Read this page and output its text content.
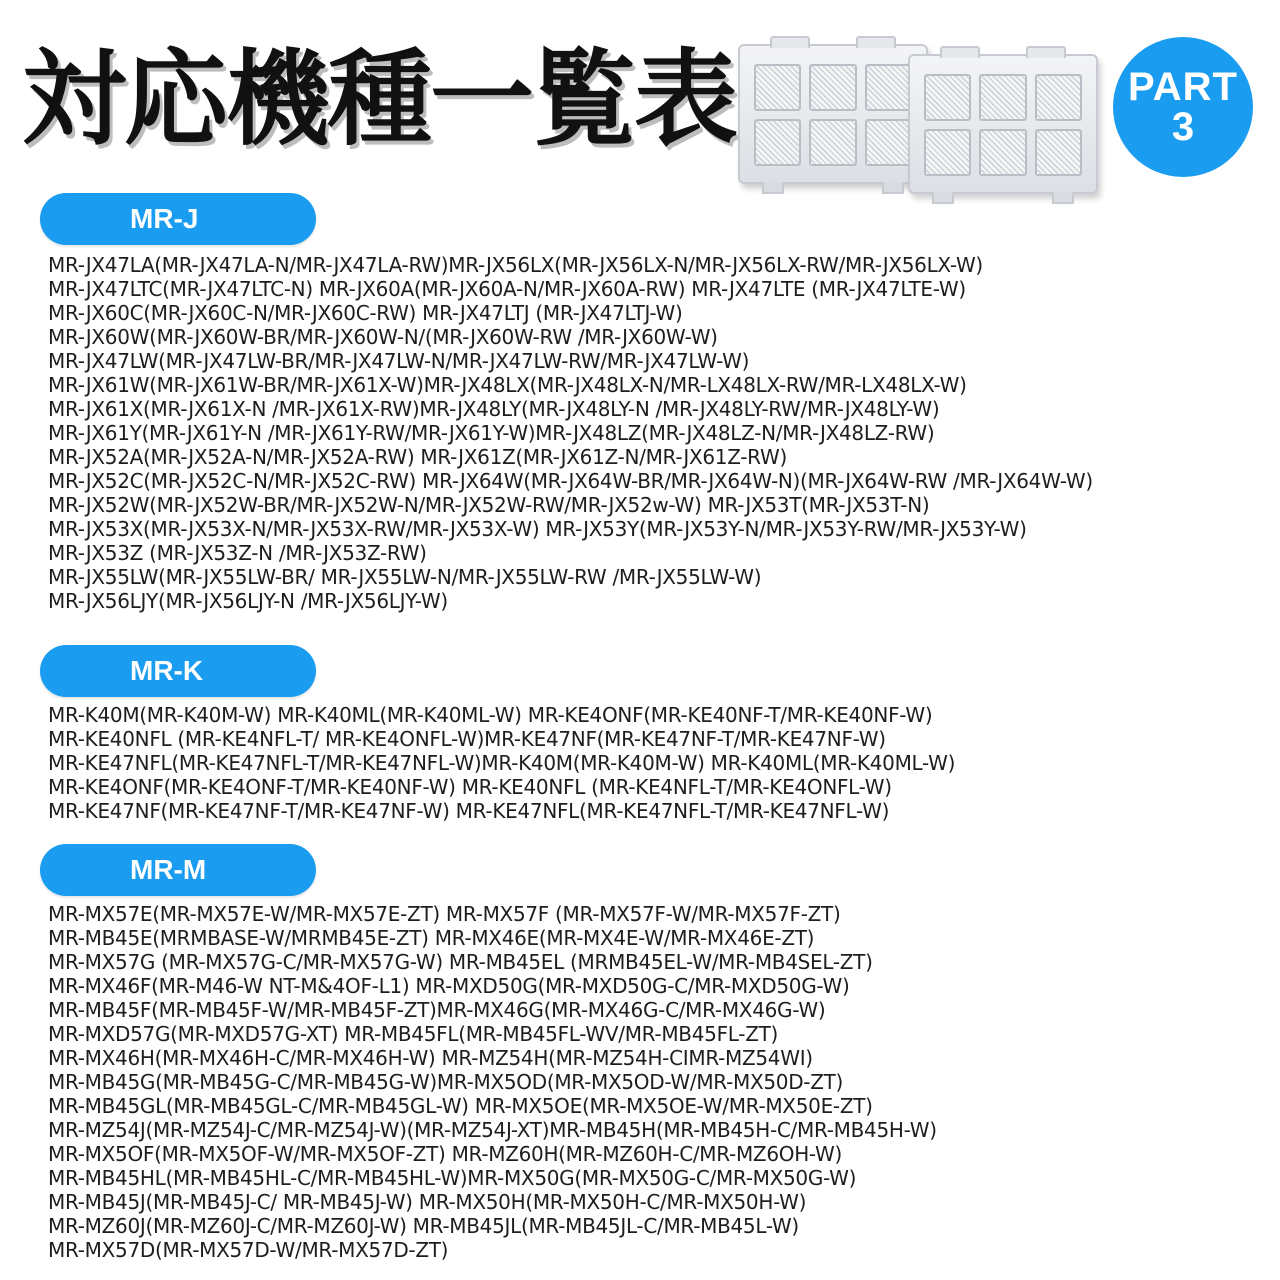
対応機種一覧表	PART
3
MR-J
MR-JX47LA(MR-JX47LA-N/MR-JX47LA-RW)MR-JX56LX(MR-JX56LX-N/MR-JX56LX-RW/MR-JX56LX-W)
MR-JX47LTC(MR-JX47LTC-N) MR-JX60A(MR-JX60A-N/MR-JX60A-RW) MR-JX47LTE (MR-JX47LTE-W)
MR-JX60C(MR-JX60C-N/MR-JX60C-RW) MR-JX47LTJ (MR-JX47LTJ-W)
MR-JX60W(MR-JX60W-BR/MR-JX60W-N/(MR-JX60W-RW /MR-JX60W-W)
MR-JX47LW(MR-JX47LW-BR/MR-JX47LW-N/MR-JX47LW-RW/MR-JX47LW-W)
MR-JX61W(MR-JX61W-BR/MR-JX61X-W)MR-JX48LX(MR-JX48LX-N/MR-LX48LX-RW/MR-LX48LX-W)
MR-JX61X(MR-JX61X-N /MR-JX61X-RW)MR-JX48LY(MR-JX48LY-N /MR-JX48LY-RW/MR-JX48LY-W)
MR-JX61Y(MR-JX61Y-N /MR-JX61Y-RW/MR-JX61Y-W)MR-JX48LZ(MR-JX48LZ-N/MR-JX48LZ-RW)
MR-JX52A(MR-JX52A-N/MR-JX52A-RW) MR-JX61Z(MR-JX61Z-N/MR-JX61Z-RW)
MR-JX52C(MR-JX52C-N/MR-JX52C-RW) MR-JX64W(MR-JX64W-BR/MR-JX64W-N)(MR-JX64W-RW /MR-JX64W-W)
MR-JX52W(MR-JX52W-BR/MR-JX52W-N/MR-JX52W-RW/MR-JX52w-W) MR-JX53T(MR-JX53T-N)
MR-JX53X(MR-JX53X-N/MR-JX53X-RW/MR-JX53X-W) MR-JX53Y(MR-JX53Y-N/MR-JX53Y-RW/MR-JX53Y-W)
MR-JX53Z (MR-JX53Z-N /MR-JX53Z-RW)
MR-JX55LW(MR-JX55LW-BR/ MR-JX55LW-N/MR-JX55LW-RW /MR-JX55LW-W)
MR-JX56LJY(MR-JX56LJY-N /MR-JX56LJY-W)
MR-K
MR-K40M(MR-K40M-W) MR-K40ML(MR-K40ML-W) MR-KE4ONF(MR-KE40NF-T/MR-KE40NF-W)
MR-KE40NFL (MR-KE4NFL-T/ MR-KE4ONFL-W)MR-KE47NF(MR-KE47NF-T/MR-KE47NF-W)
MR-KE47NFL(MR-KE47NFL-T/MR-KE47NFL-W)MR-K40M(MR-K40M-W) MR-K40ML(MR-K40ML-W)
MR-KE4ONF(MR-KE4ONF-T/MR-KE40NF-W) MR-KE40NFL (MR-KE4NFL-T/MR-KE4ONFL-W)
MR-KE47NF(MR-KE47NF-T/MR-KE47NF-W) MR-KE47NFL(MR-KE47NFL-T/MR-KE47NFL-W)
MR-M
MR-MX57E(MR-MX57E-W/MR-MX57E-ZT) MR-MX57F (MR-MX57F-W/MR-MX57F-ZT)
MR-MB45E(MRMBASE-W/MRMB45E-ZT) MR-MX46E(MR-MX4E-W/MR-MX46E-ZT)
MR-MX57G (MR-MX57G-C/MR-MX57G-W) MR-MB45EL (MRMB45EL-W/MR-MB4SEL-ZT)
MR-MX46F(MR-M46-W NT-M&4OF-L1) MR-MXD50G(MR-MXD50G-C/MR-MXD50G-W)
MR-MB45F(MR-MB45F-W/MR-MB45F-ZT)MR-MX46G(MR-MX46G-C/MR-MX46G-W)
MR-MXD57G(MR-MXD57G-XT) MR-MB45FL(MR-MB45FL-WV/MR-MB45FL-ZT)
MR-MX46H(MR-MX46H-C/MR-MX46H-W) MR-MZ54H(MR-MZ54H-CIMR-MZ54WI)
MR-MB45G(MR-MB45G-C/MR-MB45G-W)MR-MX5OD(MR-MX5OD-W/MR-MX50D-ZT)
MR-MB45GL(MR-MB45GL-C/MR-MB45GL-W) MR-MX5OE(MR-MX5OE-W/MR-MX50E-ZT)
MR-MZ54J(MR-MZ54J-C/MR-MZ54J-W)(MR-MZ54J-XT)MR-MB45H(MR-MB45H-C/MR-MB45H-W)
MR-MX5OF(MR-MX5OF-W/MR-MX5OF-ZT) MR-MZ60H(MR-MZ60H-C/MR-MZ6OH-W)
MR-MB45HL(MR-MB45HL-C/MR-MB45HL-W)MR-MX50G(MR-MX50G-C/MR-MX50G-W)
MR-MB45J(MR-MB45J-C/ MR-MB45J-W) MR-MX50H(MR-MX50H-C/MR-MX50H-W)
MR-MZ60J(MR-MZ60J-C/MR-MZ60J-W) MR-MB45JL(MR-MB45JL-C/MR-MB45L-W)
MR-MX57D(MR-MX57D-W/MR-MX57D-ZT)
